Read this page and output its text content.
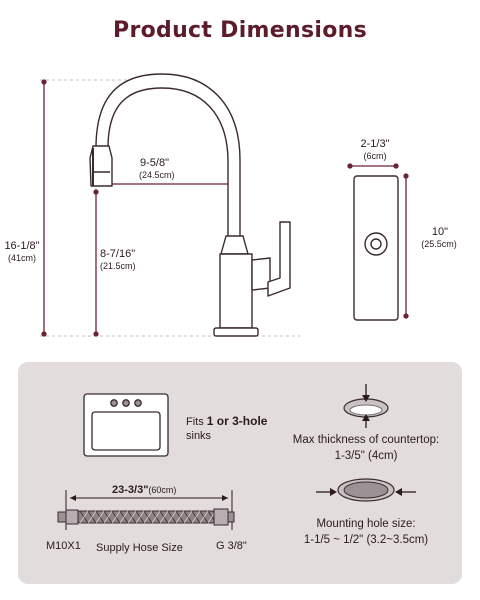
Product Dimensions
16-1/8"
(41cm)
9-5/8"
(24.5cm)
8-7/16"
(21.5cm)
2-1/3"
(6cm)
10"
(25.5cm)
Fits 1 or 3-hole
sinks	Max thickness of countertop:
1-3/5" (4cm)
23-3/3"(60cm)
M10X1 Supply Hose Size	G 3/8"
Mounting hole size:
1-1/5 ~ 1/2" (3.2~3.5cm)
